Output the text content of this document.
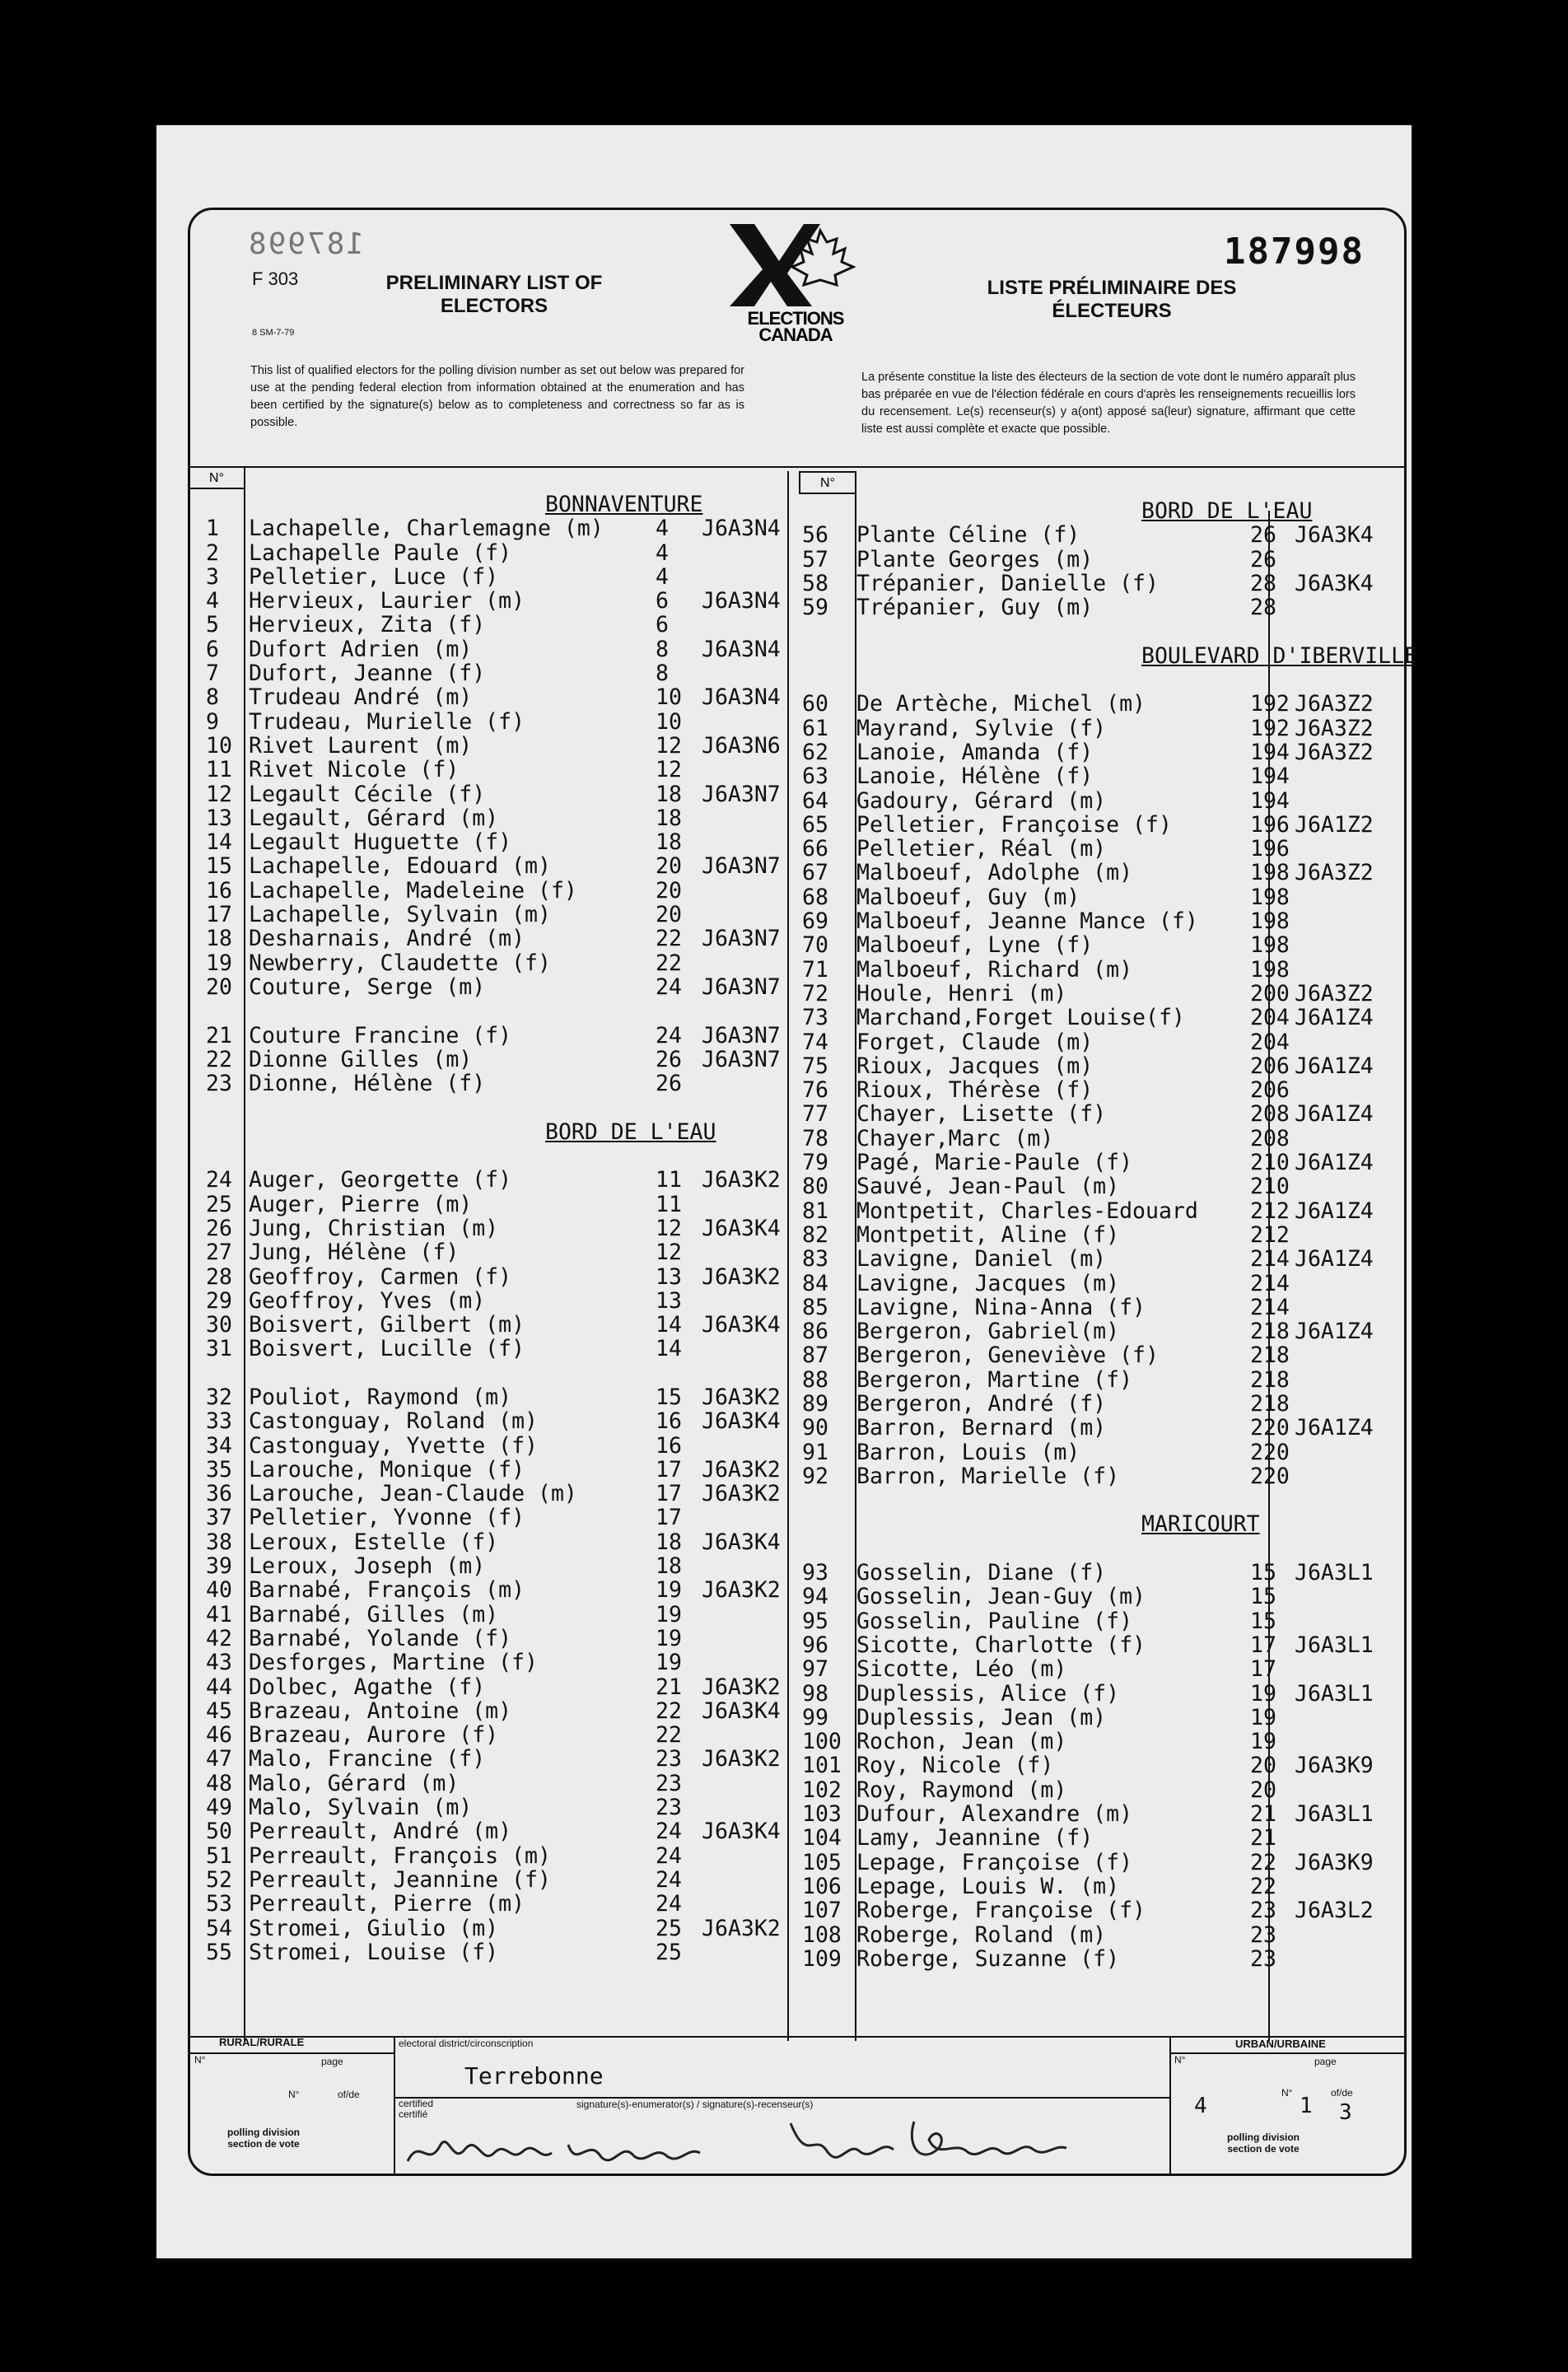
187998	187998
F 303
8 SM-7-79
PRELIMINARY LIST OF
ELECTORS
LISTE PRÉLIMINAIRE DES
ÉLECTEURS
ELECTIONS
CANADA
This list of qualified electors for the polling division number as set out below was prepared for use at the pending federal election from information obtained at the enumeration and has been certified by the signature(s) below as to completeness and correctness so far as is possible.
La présente constitue la liste des électeurs de la section de vote dont le numéro apparaît plus bas préparée en vue de l'élection fédérale en cours d'après les renseignements recueillis lors du recensement. Le(s) recenseur(s) y a(ont) apposé sa(leur) signature, affirmant que cette liste est aussi complète et exacte que possible.
N°	N°
BONNAVENTURE
1 Lachapelle, Charlemagne (m) 4 J6A3N4
2 Lachapelle Paule (f)	4
3 Pelletier, Luce (f)	4
4 Hervieux, Laurier (m)	6 J6A3N4
5 Hervieux, Zita (f)	6
6 Dufort Adrien (m)	8 J6A3N4
7 Dufort, Jeanne (f)	8
8 Trudeau André (m)	10 J6A3N4
9 Trudeau, Murielle (f)	10
10 Rivet Laurent (m)	12 J6A3N6
11 Rivet Nicole (f)	12
12 Legault Cécile (f)	18 J6A3N7
13 Legault, Gérard (m)	18
14 Legault Huguette (f)	18
15 Lachapelle, Edouard (m)	20 J6A3N7
16 Lachapelle, Madeleine (f)	20
17 Lachapelle, Sylvain (m)	20
18 Desharnais, André (m)	22 J6A3N7
19 Newberry, Claudette (f)	22
20 Couture, Serge (m)	24 J6A3N7
21 Couture Francine (f)	24 J6A3N7
22 Dionne Gilles (m)	26 J6A3N7
23 Dionne, Hélène (f)	26
BORD DE L'EAU
24 Auger, Georgette (f)	11 J6A3K2
25 Auger, Pierre (m)	11
26 Jung, Christian (m)	12 J6A3K4
27 Jung, Hélène (f)	12
28 Geoffroy, Carmen (f)	13 J6A3K2
29 Geoffroy, Yves (m)	13
30 Boisvert, Gilbert (m)	14 J6A3K4
31 Boisvert, Lucille (f)	14
32 Pouliot, Raymond (m)	15 J6A3K2
33 Castonguay, Roland (m)	16 J6A3K4
34 Castonguay, Yvette (f)	16
35 Larouche, Monique (f)	17 J6A3K2
36 Larouche, Jean-Claude (m)	17 J6A3K2
37 Pelletier, Yvonne (f)	17
38 Leroux, Estelle (f)	18 J6A3K4
39 Leroux, Joseph (m)	18
40 Barnabé, François (m)	19 J6A3K2
41 Barnabé, Gilles (m)	19
42 Barnabé, Yolande (f)	19
43 Desforges, Martine (f)	19
44 Dolbec, Agathe (f)	21 J6A3K2
45 Brazeau, Antoine (m)	22 J6A3K4
46 Brazeau, Aurore (f)	22
47 Malo, Francine (f)	23 J6A3K2
48 Malo, Gérard (m)	23
49 Malo, Sylvain (m)	23
50 Perreault, André (m)	24 J6A3K4
51 Perreault, François (m)	24
52 Perreault, Jeannine (f)	24
53 Perreault, Pierre (m)	24
54 Stromei, Giulio (m)	25 J6A3K2
55 Stromei, Louise (f)	25
BORD DE L'EAU
56 Plante Céline (f)	26 J6A3K4
57 Plante Georges (m)	26
58 Trépanier, Danielle (f)	28 J6A3K4
59 Trépanier, Guy (m)	28
BOULEVARD D'IBERVILLE
60 De Artèche, Michel (m)	192 J6A3Z2
61 Mayrand, Sylvie (f)	192 J6A3Z2
62 Lanoie, Amanda (f)	194 J6A3Z2
63 Lanoie, Hélène (f)	194
64 Gadoury, Gérard (m)	194
65 Pelletier, Françoise (f)	196 J6A1Z2
66 Pelletier, Réal (m)	196
67 Malboeuf, Adolphe (m)	198 J6A3Z2
68 Malboeuf, Guy (m)	198
69 Malboeuf, Jeanne Mance (f) 198
70 Malboeuf, Lyne (f)	198
71 Malboeuf, Richard (m)	198
72 Houle, Henri (m)	200 J6A3Z2
73 Marchand,Forget Louise(f)	204 J6A1Z4
74 Forget, Claude (m)	204
75 Rioux, Jacques (m)	206 J6A1Z4
76 Rioux, Thérèse (f)	206
77 Chayer, Lisette (f)	208 J6A1Z4
78 Chayer,Marc (m)	208
79 Pagé, Marie-Paule (f)	210 J6A1Z4
80 Sauvé, Jean-Paul (m)	210
81 Montpetit, Charles-Edouard 212 J6A1Z4
82 Montpetit, Aline (f)	212
83 Lavigne, Daniel (m)	214 J6A1Z4
84 Lavigne, Jacques (m)	214
85 Lavigne, Nina-Anna (f)	214
86 Bergeron, Gabriel(m)	218 J6A1Z4
87 Bergeron, Geneviève (f)	218
88 Bergeron, Martine (f)	218
89 Bergeron, André (f)	218
90 Barron, Bernard (m)	220 J6A1Z4
91 Barron, Louis (m)	220
92 Barron, Marielle (f)	220
MARICOURT
93 Gosselin, Diane (f)	15 J6A3L1
94 Gosselin, Jean-Guy (m)	15
95 Gosselin, Pauline (f)	15
96 Sicotte, Charlotte (f)	17 J6A3L1
97 Sicotte, Léo (m)	17
98 Duplessis, Alice (f)	19 J6A3L1
99 Duplessis, Jean (m)	19
100 Rochon, Jean (m)	19
101 Roy, Nicole (f)	20 J6A3K9
102 Roy, Raymond (m)	20
103 Dufour, Alexandre (m)	21 J6A3L1
104 Lamy, Jeannine (f)	21
105 Lepage, Françoise (f)	22 J6A3K9
106 Lepage, Louis W. (m)	22
107 Roberge, Françoise (f)	23 J6A3L2
108 Roberge, Roland (m)	23
109 Roberge, Suzanne (f)	23
RURAL/RURALE	electoral district/circonscription	URBAN/URBAINE
N°	page
N°	of/de
polling division
section de vote
Terrebonne
certified
certifié
signature(s)-enumerator(s) / signature(s)-recenseur(s)	4
N°	page
N°
1
of/de
3
polling division
section de vote
